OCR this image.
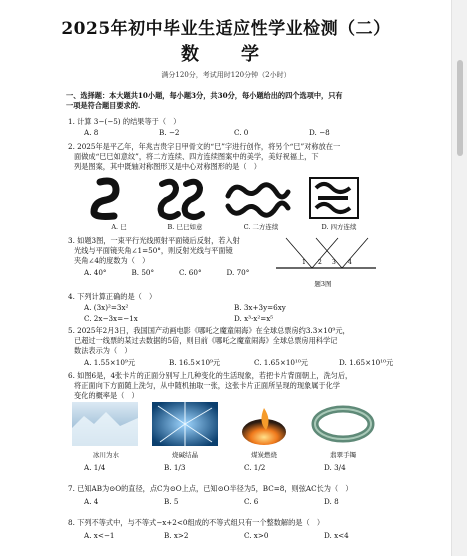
2025年初中毕业生适应性学业检测（二）
数　学
满分120分，考试用时120分钟（2小时）
一、选择题：本大题共10小题，每小题3分，共30分，每小题给出的四个选项中，只有
一项是符合题目要求的.
1. 计算 3−(−5) 的结果等于（　）
A. 8	B. −2	C. 0	D. −8
2. 2025年是平乙年，年兆吉贵字日甲骨文的“巳”字进行创作，将另个“巳”对称放在一
面做成“巳巳如意纹”，将二方连续、四方连续图案中的美学，美好祝福上，下
列是图案，其中既轴对称图形又是中心对称图形的是（　）
A. 巳	B. 巳巳如意	C. 二方连续	D. 四方连续
3. 如题3图，一束平行光线照射平面镜后反射，若入射
光线与平面镜夹角∠1=50°，则反射光线与平面镜
夹角∠4的度数为（　）
A. 40°	B. 50°	C. 60°	D. 70°
1 2 3 4
题3图
4. 下列计算正确的是（　）
A. (3x)²=3x²	B. 3x+3y=6xy
C. 2x−3x=−1x	D. x³·x²=x⁵
5. 2025年2月3日，我国国产动画电影《哪吒之魔童闹海》在全球总票房约3.3×10⁹元，
已超过一线票的某过去数据的5倍，则目前《哪吒之魔童闹海》全球总票房用科学记
数法表示为（　）
A. 1.55×10⁹元	B. 16.5×10⁹元	C. 1.65×10¹⁰元	D. 1.65×10¹⁰元
6. 如图6是，4张卡片的正面分别写上几种变化的生活现象，若把卡片背面朝上，洗匀后，
将正面向下方面随上洗匀，从中随机抽取一张，这张卡片正面所呈现的现象属于化学
变化的概率是（　）
冰川为水	烧碱结晶	煤炭燃烧	翡翠手镯
A. 1/4	B. 1/3	C. 1/2	D. 3/4
7. 已知AB为⊙O的直径，点C为⊙O上点，已知⊙O半径为5，BC=8，则弦AC长为（　）
A. 4	B. 5	C. 6	D. 8
8. 下列不等式中，与不等式−x+2<0组成的不等式组只有一个整数解的是（　）
A. x<−1	B. x>2	C. x>0	D. x<4
